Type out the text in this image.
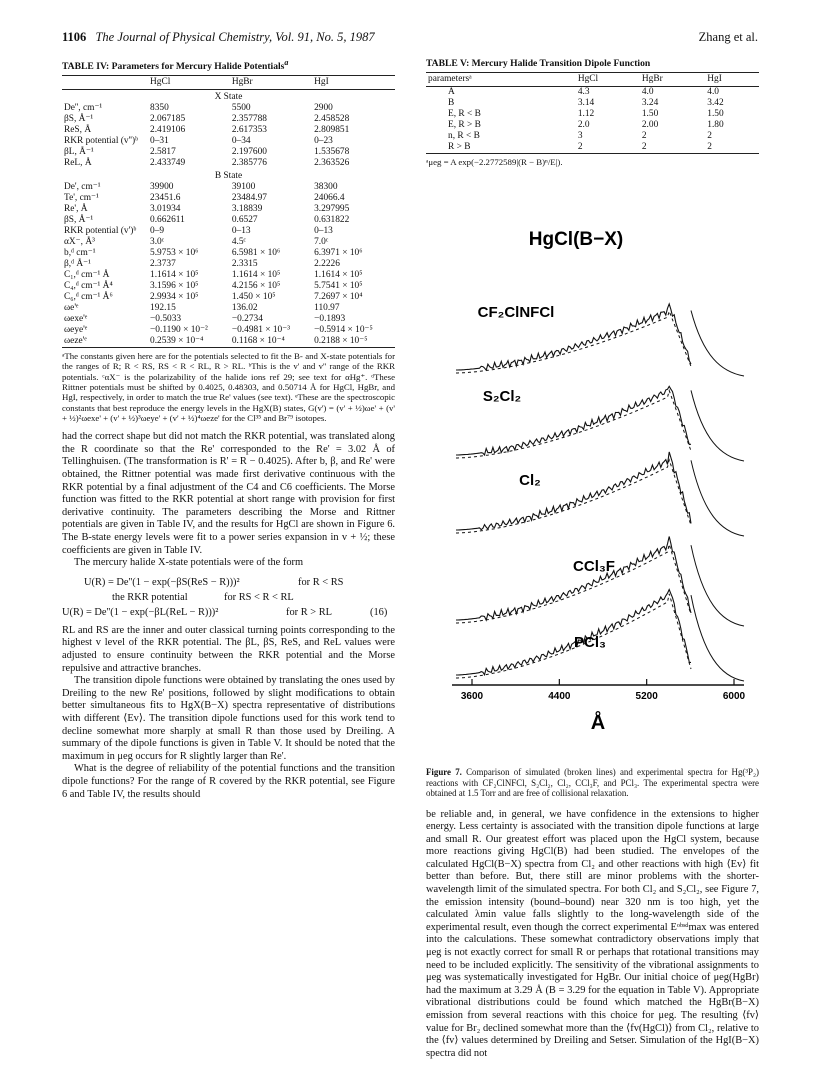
1106 The Journal of Physical Chemistry, Vol. 91, No. 5, 1987	Zhang et al.
TABLE IV: Parameters for Mercury Halide Potentials$^a$
	HgCl	HgBr	HgI
X State			
De'', cm⁻¹	8350	5500	2900
βS, Å⁻¹	2.067185	2.357788	2.458528
ReS, Å	2.419106	2.617353	2.809851
RKR potential (v'')ᵇ	0–31	0–34	0–23
βL, Å⁻¹	2.5817	2.197600	1.535678
ReL, Å	2.433749	2.385776	2.363526
B State			
De', cm⁻¹	39900	39100	38300
Te', cm⁻¹	23451.6	23484.97	24066.4
Re', Å	3.01934	3.18839	3.297995
βS, Å⁻¹	0.662611	0.6527	0.631822
RKR potential (v')ᵇ	0–9	0–13	0–13
αX⁻, Å³	3.0ᶜ	4.5ᶜ	7.0ᶜ
b,ᵈ cm⁻¹	5.9753 × 10⁶	6.5981 × 10⁶	6.3971 × 10⁶
β,ᵈ Å⁻¹	2.3737	2.3315	2.2226
C₁,ᵈ cm⁻¹ Å	1.1614 × 10⁵	1.1614 × 10⁵	1.1614 × 10⁵
C₄,ᵈ cm⁻¹ Å⁴	3.1596 × 10⁵	4.2156 × 10⁵	5.7541 × 10⁵
C₆,ᵈ cm⁻¹ Å⁶	2.9934 × 10⁵	1.450 × 10⁵	7.2697 × 10⁴
ωe'ᵉ	192.15	136.02	110.97
ωexe'ᵉ	−0.5033	−0.2734	−0.1893
ωeye'ᵉ	−0.1190 × 10⁻²	−0.4981 × 10⁻³	−0.5914 × 10⁻⁵
ωeze'ᵉ	0.2539 × 10⁻⁴	0.1168 × 10⁻⁴	0.2188 × 10⁻⁵
ᵃThe constants given here are for the potentials selected to fit the B- and X-state potentials for the ranges of R; R < RS, RS < R < RL, R > RL. ᵇThis is the v' and v'' range of the RKR potentials. ᶜαX⁻ is the polarizability of the halide ions ref 29; see text for αHg⁺. ᵈThese Rittner potentials must be shifted by 0.4025, 0.48303, and 0.50714 Å for HgCl, HgBr, and HgI, respectively, in order to match the true Re' values (see text). ᵉThese are the spectroscopic constants that best reproduce the energy levels in the HgX(B) states, G(v') = (v' + ½)ωe' + (v' + ½)²ωexe' + (v' + ½)³ωeye' + (v' + ½)⁴ωeze' for the Cl³⁵ and Br⁷⁹ isotopes.

had the correct shape but did not match the RKR potential, was translated along the R coordinate so that the Re' corresponded to the Re' = 3.02 Å of Tellinghuisen. (The transformation is R' = R − 0.4025). After b, β, and Re' were obtained, the Rittner potential was made first derivative continuous with the RKR potential by a final adjustment of the C4 and C6 coefficients. The Morse function was fitted to the RKR potential at short range with provision for first derivative continuity. The parameters describing the Morse and Rittner potentials are given in Table IV, and the results for HgCl are shown in Figure 6. The B-state energy levels were fit to a power series expansion in v + ½; these coefficients are given in Table IV.

The mercury halide X-state potentials were of the form

U(R) = De''(1 − exp(−βS(ReS − R)))²	for R < RS
the RKR potential	for RS < R < RL
U(R) = De''(1 − exp(−βL(ReL − R)))²	for R > RL	(16)

RL and RS are the inner and outer classical turning points corresponding to the highest v level of the RKR potential. The βL, βS, ReS, and ReL values were adjusted to ensure continuity between the RKR potential and the Morse repulsive and attractive branches.

The transition dipole functions were obtained by translating the ones used by Dreiling to the new Re' positions, followed by slight modifications to obtain better simultaneous fits to HgX(B−X) spectra representative of distributions with different ⟨Ev⟩. The transition dipole functions used for this work tend to decline somewhat more sharply at small R than those used by Dreiling. A summary of the dipole functions is given in Table V. It should be noted that the maximum in μeg occurs for R slightly larger than Re'.

What is the degree of reliability of the potential functions and the transition dipole functions? For the range of R covered by the RKR potential, see Figure 6 and Table IV, the results should

TABLE V: Mercury Halide Transition Dipole Function
parametersᵃ	HgCl	HgBr	HgI
A	4.3	4.0	4.0
B	3.14	3.24	3.42
E, R < B	1.12	1.50	1.50
E, R > B	2.0	2.00	1.80
n, R < B	3	2	2
R > B	2	2	2
ᵃμeg = A exp(−2.2772589|(R − B)ⁿ/E|).
HgCl(B−X)
CF₂ClNFCl
S₂Cl₂
Cl₂
CCl₃F
PCl₃
3600	4400	5200	6000
Å
Figure 7. Comparison of simulated (broken lines) and experimental spectra for Hg(³P₂) reactions with CF₂ClNFCl, S₂Cl₂, Cl₂, CCl₃F, and PCl₃. The experimental spectra were obtained at 1.5 Torr and are free of collisional relaxation.

be reliable and, in general, we have confidence in the extensions to higher energy. Less certainty is associated with the transition dipole functions at large and small R. Our greatest effort was placed upon the HgCl system, because more reactions giving HgCl(B) had been studied. The envelopes of the calculated HgCl(B−X) spectra from Cl₂ and other reactions with high ⟨Ev⟩ fit better than before. But, there still are minor problems with the shorter-wavelength limit of the simulated spectra. For both Cl₂ and S₂Cl₂, see Figure 7, the emission intensity (bound–bound) near 320 nm is too high, yet the calculated λmin value falls slightly to the long-wavelength side of the experimental result, even though the correct experimental Eᵒᵇˢᵈmax was entered into the calculations. These somewhat contradictory observations imply that μeg is not exactly correct for small R or perhaps that rotational transitions may need to be included explicitly. The sensitivity of the vibrational assignments to μeg was systematically investigated for HgBr. Our initial choice of μeg(HgBr) had the maximum at 3.29 Å (B = 3.29 for the equation in Table V). Appropriate vibrational distributions could be found which matched the HgBr(B−X) emission from several reactions with this choice for μeg. The resulting ⟨fv⟩ value for Br₂ declined somewhat more than the ⟨fv(HgCl)⟩ from Cl₂, relative to the ⟨fv⟩ values determined by Dreiling and Setser. Simulation of the HgI(B−X) spectra did not
